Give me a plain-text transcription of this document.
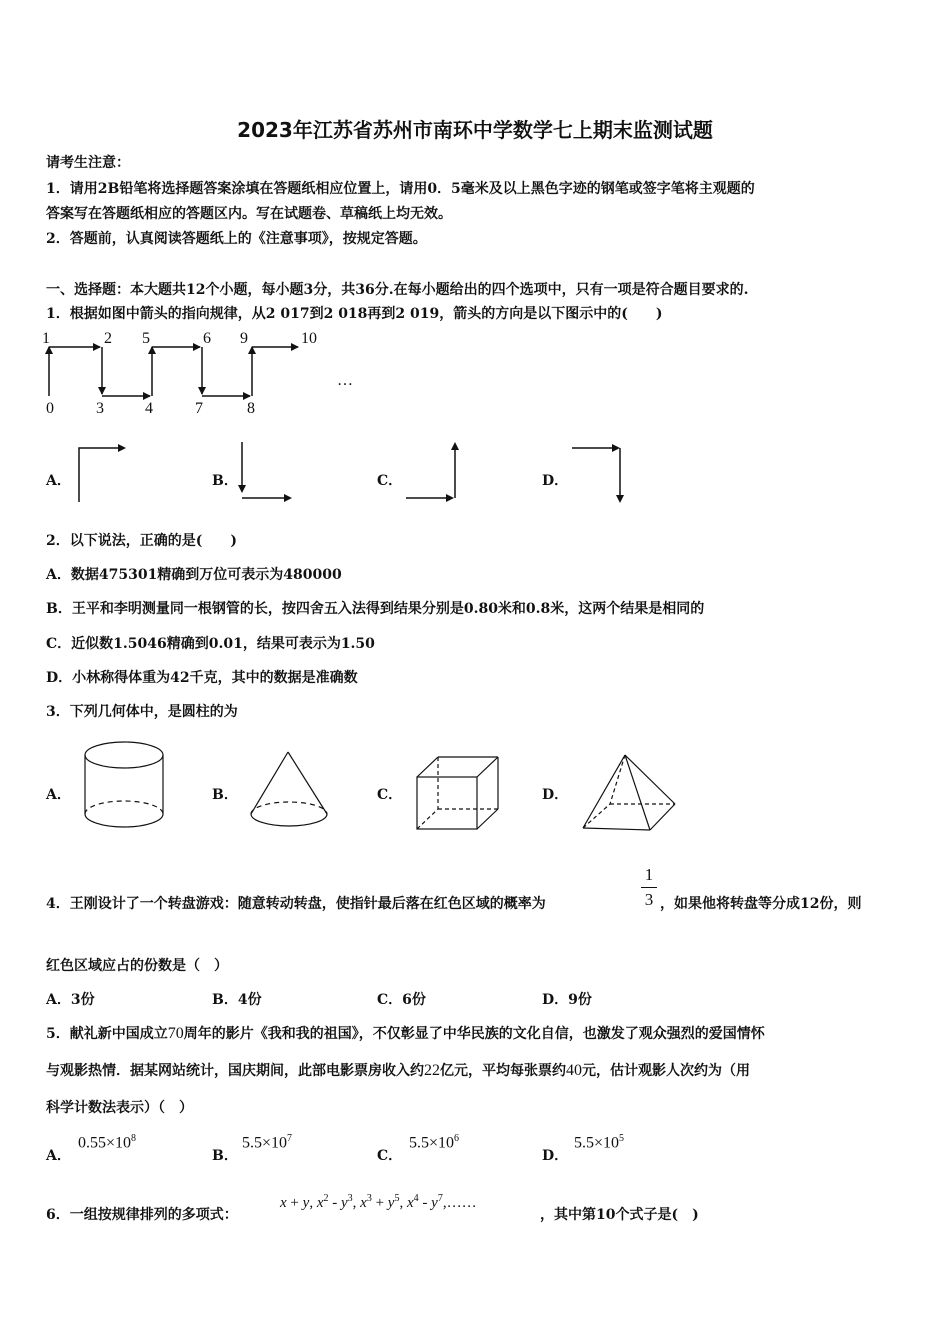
2023年江苏省苏州市南环中学数学七上期末监测试题
请考生注意：
1．请用2B铅笔将选择题答案涂填在答题纸相应位置上，请用0．5毫米及以上黑色字迹的钢笔或签字笔将主观题的
答案写在答题纸相应的答题区内。写在试题卷、草稿纸上均无效。
2．答题前，认真阅读答题纸上的《注意事项》，按规定答题。
一、选择题：本大题共12个小题，每小题3分，共36分.在每小题给出的四个选项中，只有一项是符合题目要求的.
1．根据如图中箭头的指向规律，从2 017到2 018再到2 019，箭头的方向是以下图示中的(　　)
1	2 5	6 9	10
0	3	4	7	8
…
A．	B．	C．	D．
2．以下说法，正确的是(　　)
A．数据475301精确到万位可表示为480000
B．王平和李明测量同一根钢管的长，按四舍五入法得到结果分别是0.80米和0.8米，这两个结果是相同的
C．近似数1.5046精确到0.01，结果可表示为1.50
D．小林称得体重为42千克，其中的数据是准确数
3．下列几何体中，是圆柱的为
A．	B．	C．	D．
4．王刚设计了一个转盘游戏：随意转动转盘，使指针最后落在红色区域的概率为
1
3 ，如果他将转盘等分成12份，则
红色区域应占的份数是（　）
A．3份	B．4份	C．6份	D．9份
5．献礼新中国成立70周年的影片《我和我的祖国》，不仅彰显了中华民族的文化自信，也激发了观众强烈的爱国情怀
与观影热情．据某网站统计，国庆期间，此部电影票房收入约22亿元，平均每张票约40元，估计观影人次约为（用
科学计数法表示）（　）
A．
$0.55\times 10^8$
B．
$5.5\times 10^7$
C．
$5.5\times 10^6$
D．
$5.5\times 10^5$
6．一组按规律排列的多项式：
x + y, $x^2 - y^3$, $x^3 + y^5$, $x^4$ - $y^7,\dots\dots$
，其中第10个式子是(　)
